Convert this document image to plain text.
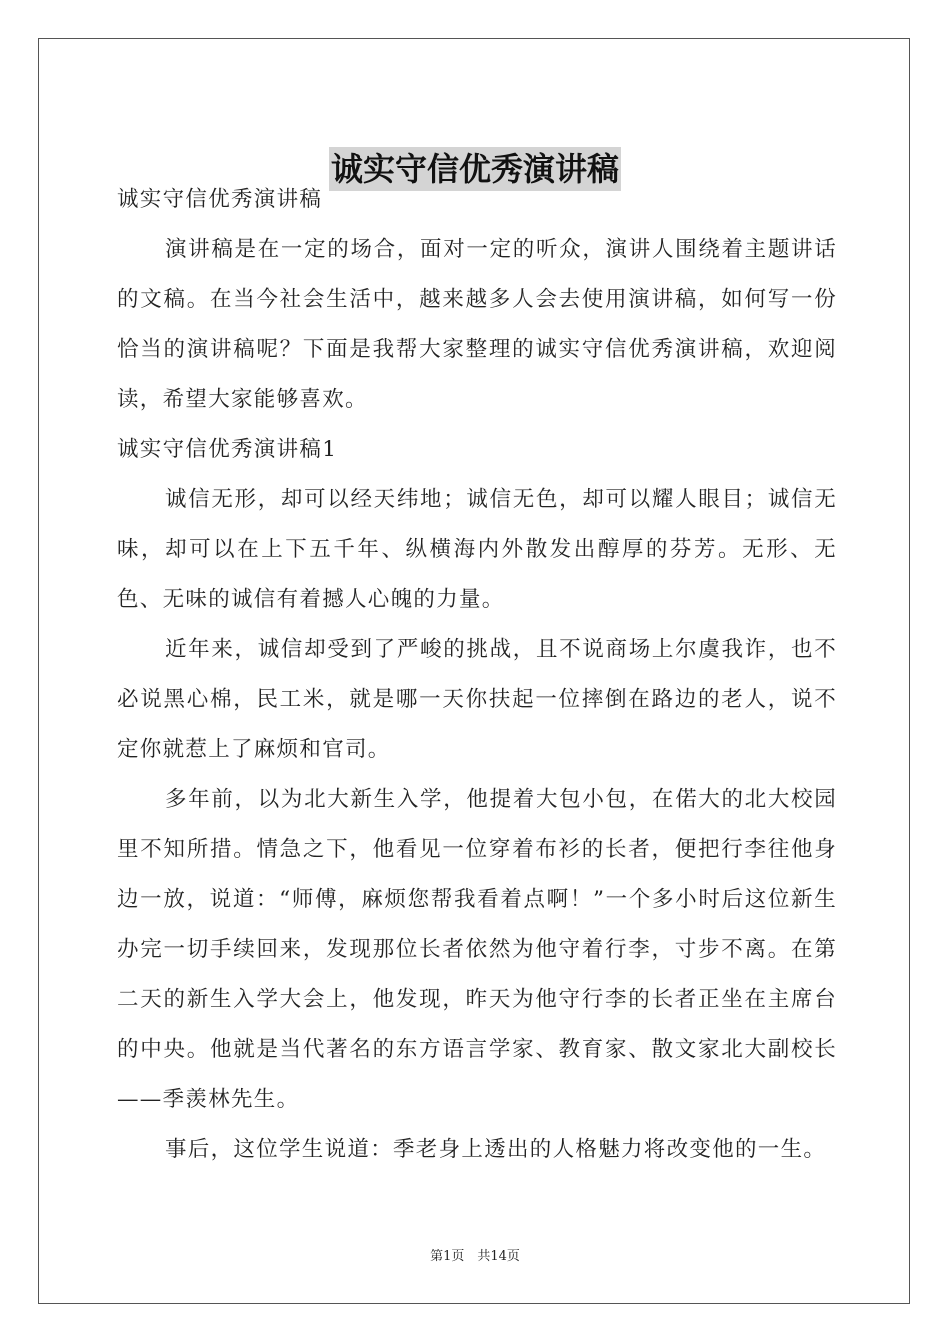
诚实守信优秀演讲稿

诚实守信优秀演讲稿

演讲稿是在一定的场合，面对一定的听众，演讲人围绕着主题讲话的文稿。在当今社会生活中，越来越多人会去使用演讲稿，如何写一份恰当的演讲稿呢？下面是我帮大家整理的诚实守信优秀演讲稿，欢迎阅读，希望大家能够喜欢。

诚实守信优秀演讲稿1

诚信无形，却可以经天纬地；诚信无色，却可以耀人眼目；诚信无味，却可以在上下五千年、纵横海内外散发出醇厚的芬芳。无形、无色、无味的诚信有着撼人心魄的力量。

近年来，诚信却受到了严峻的挑战，且不说商场上尔虞我诈，也不必说黑心棉，民工米，就是哪一天你扶起一位摔倒在路边的老人，说不定你就惹上了麻烦和官司。

多年前，以为北大新生入学，他提着大包小包，在偌大的北大校园里不知所措。情急之下，他看见一位穿着布衫的长者，便把行李往他身边一放，说道：“师傅，麻烦您帮我看着点啊！”一个多小时后这位新生办完一切手续回来，发现那位长者依然为他守着行李，寸步不离。在第二天的新生入学大会上，他发现，昨天为他守行李的长者正坐在主席台的中央。他就是当代著名的东方语言学家、教育家、散文家北大副校长——季羡林先生。

事后，这位学生说道：季老身上透出的人格魅力将改变他的一生。

第1页　共14页
